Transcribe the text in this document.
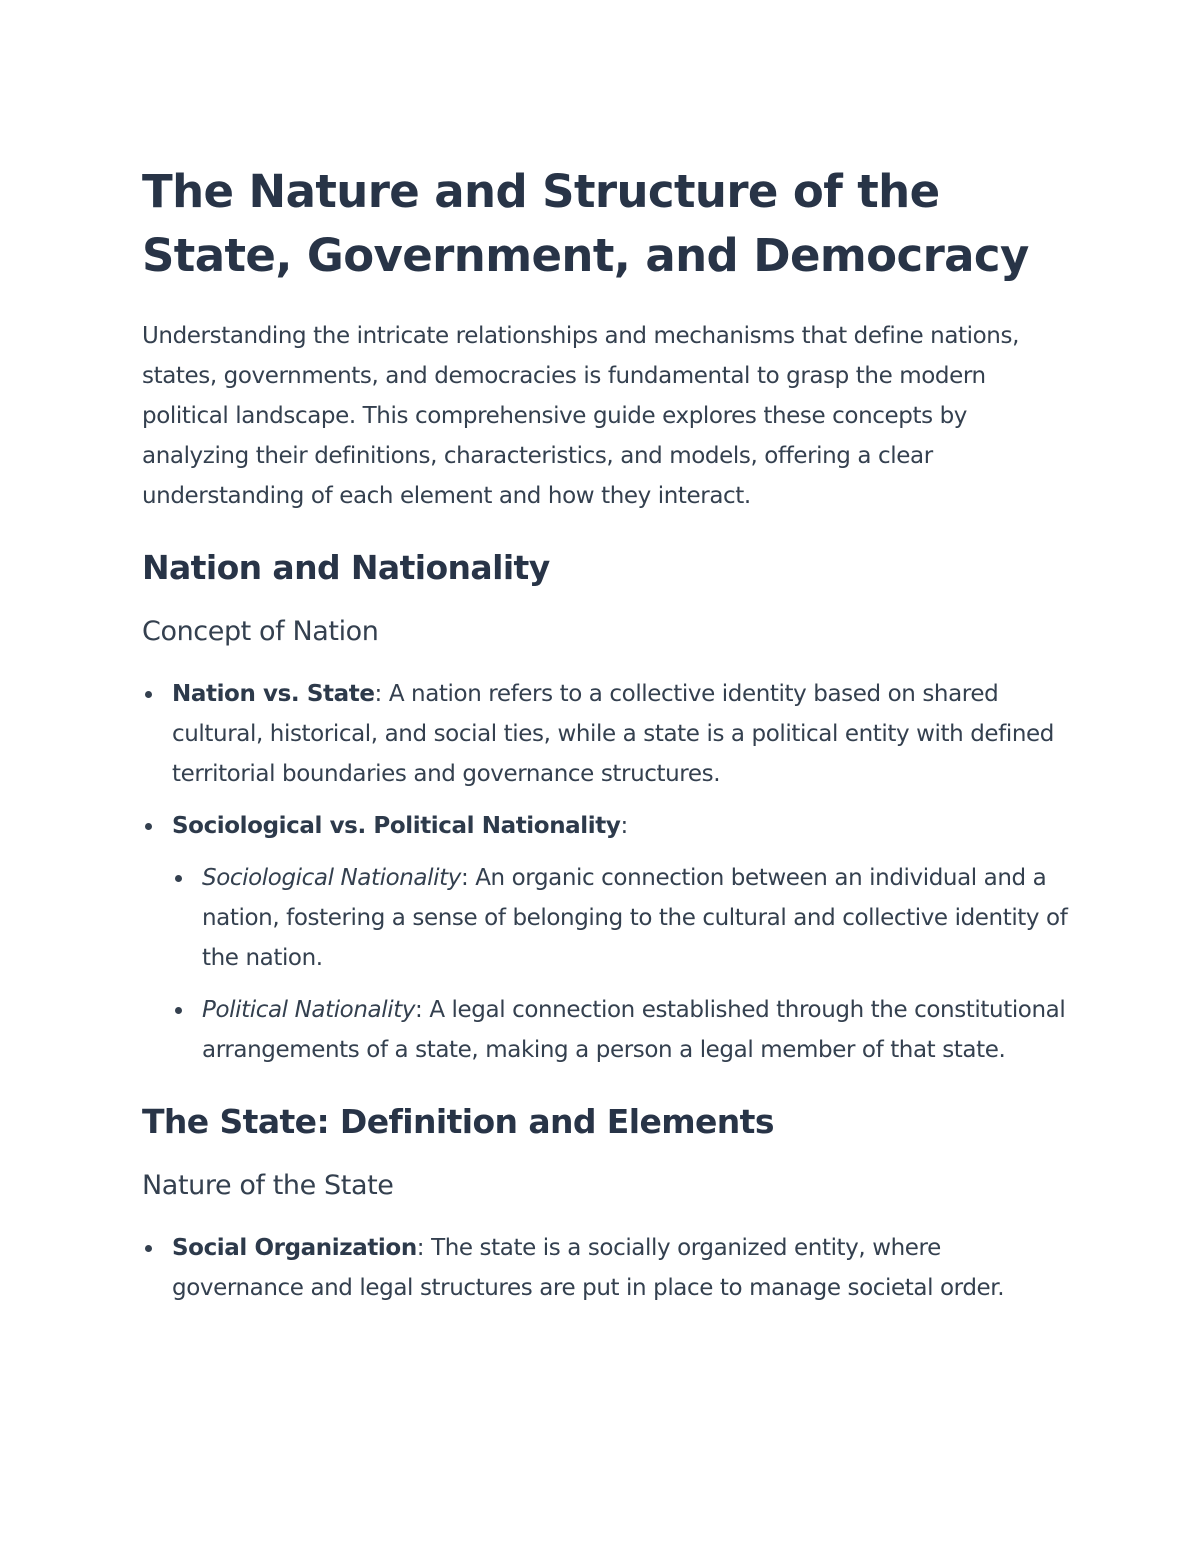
The Nature and Structure of the State, Government, and Democracy

Understanding the intricate relationships and mechanisms that define nations, states, governments, and democracies is fundamental to grasp the modern political landscape. This comprehensive guide explores these concepts by analyzing their definitions, characteristics, and models, offering a clear understanding of each element and how they interact.

Nation and Nationality
Concept of Nation
Nation vs. State: A nation refers to a collective identity based on shared cultural, historical, and social ties, while a state is a political entity with defined territorial boundaries and governance structures.
Sociological vs. Political Nationality:
Sociological Nationality: An organic connection between an individual and a nation, fostering a sense of belonging to the cultural and collective identity of the nation.
Political Nationality: A legal connection established through the constitutional arrangements of a state, making a person a legal member of that state.
The State: Definition and Elements
Nature of the State
Social Organization: The state is a socially organized entity, where governance and legal structures are put in place to manage societal order.
